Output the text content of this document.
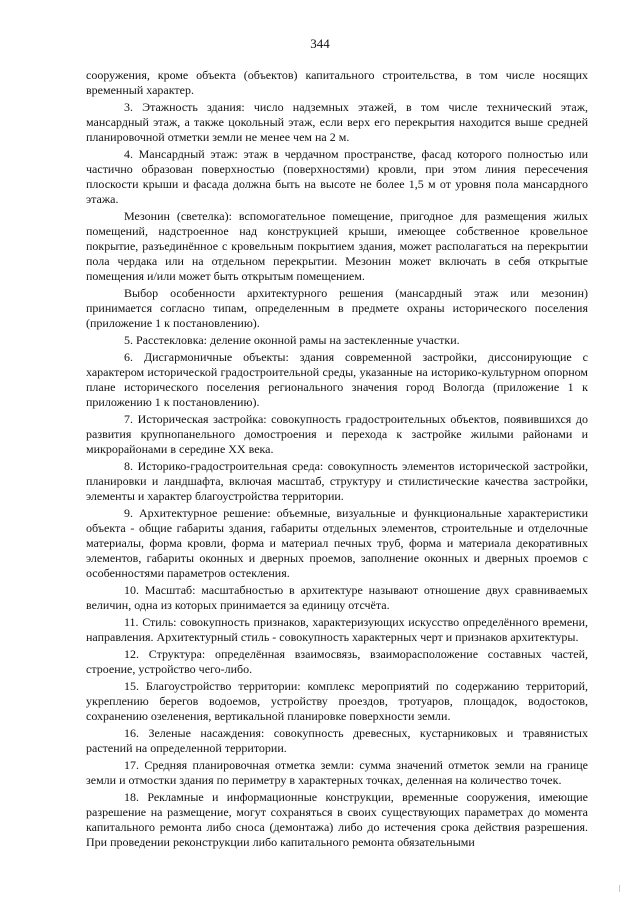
344

сооружения, кроме объекта (объектов) капитального строительства, в том числе носящих временный характер.

3. Этажность здания: число надземных этажей, в том числе технический этаж, мансардный этаж, а также цокольный этаж, если верх его перекрытия находится выше средней планировочной отметки земли не менее чем на 2 м.

4. Мансардный этаж: этаж в чердачном пространстве, фасад которого полностью или частично образован поверхностью (поверхностями) кровли, при этом линия пересечения плоскости крыши и фасада должна быть на высоте не более 1,5 м от уровня пола мансардного этажа.

Мезонин (светелка): вспомогательное помещение, пригодное для размещения жилых помещений, надстроенное над конструкцией крыши, имеющее собственное кровельное покрытие, разъединённое с кровельным покрытием здания, может располагаться на перекрытии пола чердака или на отдельном перекрытии. Мезонин может включать в себя открытые помещения и/или может быть открытым помещением.

Выбор особенности архитектурного решения (мансардный этаж или мезонин) принимается согласно типам, определенным в предмете охраны исторического поселения (приложение 1 к постановлению).

5. Расстекловка: деление оконной рамы на застекленные участки.

6. Дисгармоничные объекты: здания современной застройки, диссонирующие с характером исторической градостроительной среды, указанные на историко-культурном опорном плане исторического поселения регионального значения город Вологда (приложение 1 к приложению 1 к постановлению).

7. Историческая застройка: совокупность градостроительных объектов, появившихся до развития крупнопанельного домостроения и перехода к застройке жилыми районами и микрорайонами в середине XX века.

8. Историко-градостроительная среда: совокупность элементов исторической застройки, планировки и ландшафта, включая масштаб, структуру и стилистические качества застройки, элементы и характер благоустройства территории.

9. Архитектурное решение: объемные, визуальные и функциональные характеристики объекта - общие габариты здания, габариты отдельных элементов, строительные и отделочные материалы, форма кровли, форма и материал печных труб, форма и материала декоративных элементов, габариты оконных и дверных проемов, заполнение оконных и дверных проемов с особенностями параметров остекления.

10. Масштаб: масштабностью в архитектуре называют отношение двух сравниваемых величин, одна из которых принимается за единицу отсчёта.

11. Стиль: совокупность признаков, характеризующих искусство определённого времени, направления. Архитектурный стиль - совокупность характерных черт и признаков архитектуры.

12. Структура: определённая взаимосвязь, взаиморасположение составных частей, строение, устройство чего-либо.

15. Благоустройство территории: комплекс мероприятий по содержанию территорий, укреплению берегов водоемов, устройству проездов, тротуаров, площадок, водостоков, сохранению озеленения, вертикальной планировке поверхности земли.

16. Зеленые насаждения: совокупность древесных, кустарниковых и травянистых растений на определенной территории.

17. Средняя планировочная отметка земли: сумма значений отметок земли на границе земли и отмостки здания по периметру в характерных точках, деленная на количество точек.

18. Рекламные и информационные конструкции, временные сооружения, имеющие разрешение на размещение, могут сохраняться в своих существующих параметрах до момента капитального ремонта либо сноса (демонтажа) либо до истечения срока действия разрешения. При проведении реконструкции либо капитального ремонта обязательными
